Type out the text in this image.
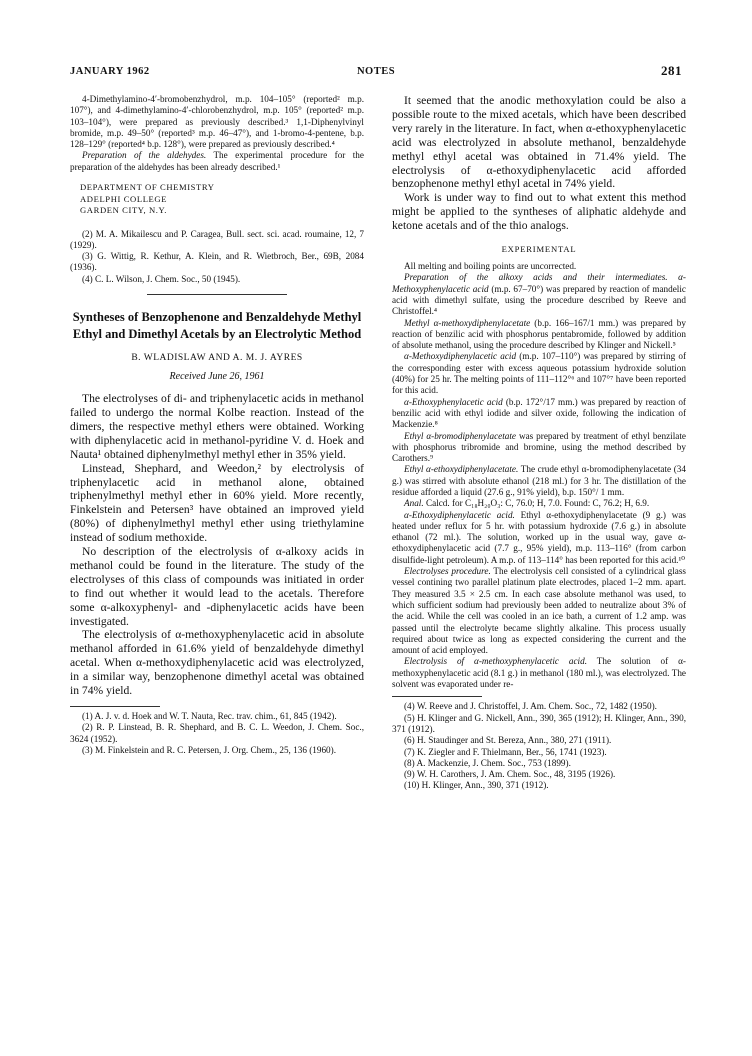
JANUARY 1962	NOTES	281

4-Dimethylamino-4′-bromobenzhydrol, m.p. 104–105° (reported² m.p. 107°), and 4-dimethylamino-4′-chlorobenzhydrol, m.p. 105° (reported² m.p. 103–104°), were prepared as previously described.³ 1,1-Diphenylvinyl bromide, m.p. 49–50° (reported³ m.p. 46–47°), and 1-bromo-4-pentene, b.p. 128–129° (reported⁴ b.p. 128°), were prepared as previously described.⁴

Preparation of the aldehydes. The experimental procedure for the preparation of the aldehydes has been already described.¹

DEPARTMENT OF CHEMISTRY
ADELPHI COLLEGE
GARDEN CITY, N.Y.

(2) M. A. Mikailescu and P. Caragea, Bull. sect. sci. acad. roumaine, 12, 7 (1929).

(3) G. Wittig, R. Kethur, A. Klein, and R. Wietbroch, Ber., 69B, 2084 (1936).

(4) C. L. Wilson, J. Chem. Soc., 50 (1945).

Syntheses of Benzophenone and Benzaldehyde Methyl Ethyl and Dimethyl Acetals by an Electrolytic Method
B. WLADISLAW AND A. M. J. AYRES
Received June 26, 1961

The electrolyses of di- and triphenylacetic acids in methanol failed to undergo the normal Kolbe reaction. Instead of the dimers, the respective methyl ethers were obtained. Working with diphenylacetic acid in methanol-pyridine V. d. Hoek and Nauta¹ obtained diphenylmethyl methyl ether in 35% yield.

Linstead, Shephard, and Weedon,² by electrolysis of triphenylacetic acid in methanol alone, obtained triphenylmethyl methyl ether in 60% yield. More recently, Finkelstein and Petersen³ have obtained an improved yield (80%) of diphenylmethyl methyl ether using triethylamine instead of sodium methoxide.

No description of the electrolysis of α-alkoxy acids in methanol could be found in the literature. The study of the electrolyses of this class of compounds was initiated in order to find out whether it would lead to the acetals. Therefore some α-alkoxyphenyl- and -diphenylacetic acids have been investigated.

The electrolysis of α-methoxyphenylacetic acid in absolute methanol afforded in 61.6% yield of benzaldehyde dimethyl acetal. When α-methoxydiphenylacetic acid was electrolyzed, in a similar way, benzophenone dimethyl acetal was obtained in 74% yield.

(1) A. J. v. d. Hoek and W. T. Nauta, Rec. trav. chim., 61, 845 (1942).

(2) R. P. Linstead, B. R. Shephard, and B. C. L. Weedon, J. Chem. Soc., 3624 (1952).

(3) M. Finkelstein and R. C. Petersen, J. Org. Chem., 25, 136 (1960).

It seemed that the anodic methoxylation could be also a possible route to the mixed acetals, which have been described very rarely in the literature. In fact, when α-ethoxyphenylacetic acid was electrolyzed in absolute methanol, benzaldehyde methyl ethyl acetal was obtained in 71.4% yield. The electrolysis of α-ethoxydiphenylacetic acid afforded benzophenone methyl ethyl acetal in 74% yield.

Work is under way to find out to what extent this method might be applied to the syntheses of aliphatic aldehyde and ketone acetals and of the thio analogs.

EXPERIMENTAL

All melting and boiling points are uncorrected.

Preparation of the alkoxy acids and their intermediates. α-Methoxyphenylacetic acid (m.p. 67–70°) was prepared by reaction of mandelic acid with dimethyl sulfate, using the procedure described by Reeve and Christoffel.⁴

Methyl α-methoxydiphenylacetate (b.p. 166–167/1 mm.) was prepared by reaction of benzilic acid with phosphorus pentabromide, followed by addition of absolute methanol, using the procedure described by Klinger and Nickell.⁵

α-Methoxydiphenylacetic acid (m.p. 107–110°) was prepared by stirring of the corresponding ester with excess aqueous potassium hydroxide solution (40%) for 25 hr. The melting points of 111–112°⁶ and 107°⁷ have been reported for this acid.

α-Ethoxyphenylacetic acid (b.p. 172°/17 mm.) was prepared by reaction of benzilic acid with ethyl iodide and silver oxide, following the indication of Mackenzie.⁸

Ethyl α-bromodiphenylacetate was prepared by treatment of ethyl benzilate with phosphorus tribromide and bromine, using the method described by Carothers.⁹

Ethyl α-ethoxydiphenylacetate. The crude ethyl α-bromodiphenylacetate (34 g.) was stirred with absolute ethanol (218 ml.) for 3 hr. The distillation of the residue afforded a liquid (27.6 g., 91% yield), b.p. 150°/ 1 mm.

Anal. Calcd. for C₁₈H₂₀O₃: C, 76.0; H, 7.0. Found: C, 76.2; H, 6.9.

α-Ethoxydiphenylacetic acid. Ethyl α-ethoxydiphenylacetate (9 g.) was heated under reflux for 5 hr. with potassium hydroxide (7.6 g.) in absolute ethanol (72 ml.). The solution, worked up in the usual way, gave α-ethoxydiphenylacetic acid (7.7 g., 95% yield), m.p. 113–116° (from carbon disulfide-light petroleum). A m.p. of 113–114° has been reported for this acid.¹⁰

Electrolyses procedure. The electrolysis cell consisted of a cylindrical glass vessel contining two parallel platinum plate electrodes, placed 1–2 mm. apart. They measured 3.5 × 2.5 cm. In each case absolute methanol was used, to which sufficient sodium had previously been added to neutralize about 3% of the acid. While the cell was cooled in an ice bath, a current of 1.2 amp. was passed until the electrolyte became slightly alkaline. This process usually required about twice as long as expected considering the current and the amount of acid employed.

Electrolysis of α-methoxyphenylacetic acid. The solution of α-methoxyphenylacetic acid (8.1 g.) in methanol (180 ml.), was electrolyzed. The solvent was evaporated under re-

(4) W. Reeve and J. Christoffel, J. Am. Chem. Soc., 72, 1482 (1950).

(5) H. Klinger and G. Nickell, Ann., 390, 365 (1912); H. Klinger, Ann., 390, 371 (1912).

(6) H. Staudinger and St. Bereza, Ann., 380, 271 (1911).

(7) K. Ziegler and F. Thielmann, Ber., 56, 1741 (1923).

(8) A. Mackenzie, J. Chem. Soc., 753 (1899).

(9) W. H. Carothers, J. Am. Chem. Soc., 48, 3195 (1926).

(10) H. Klinger, Ann., 390, 371 (1912).
